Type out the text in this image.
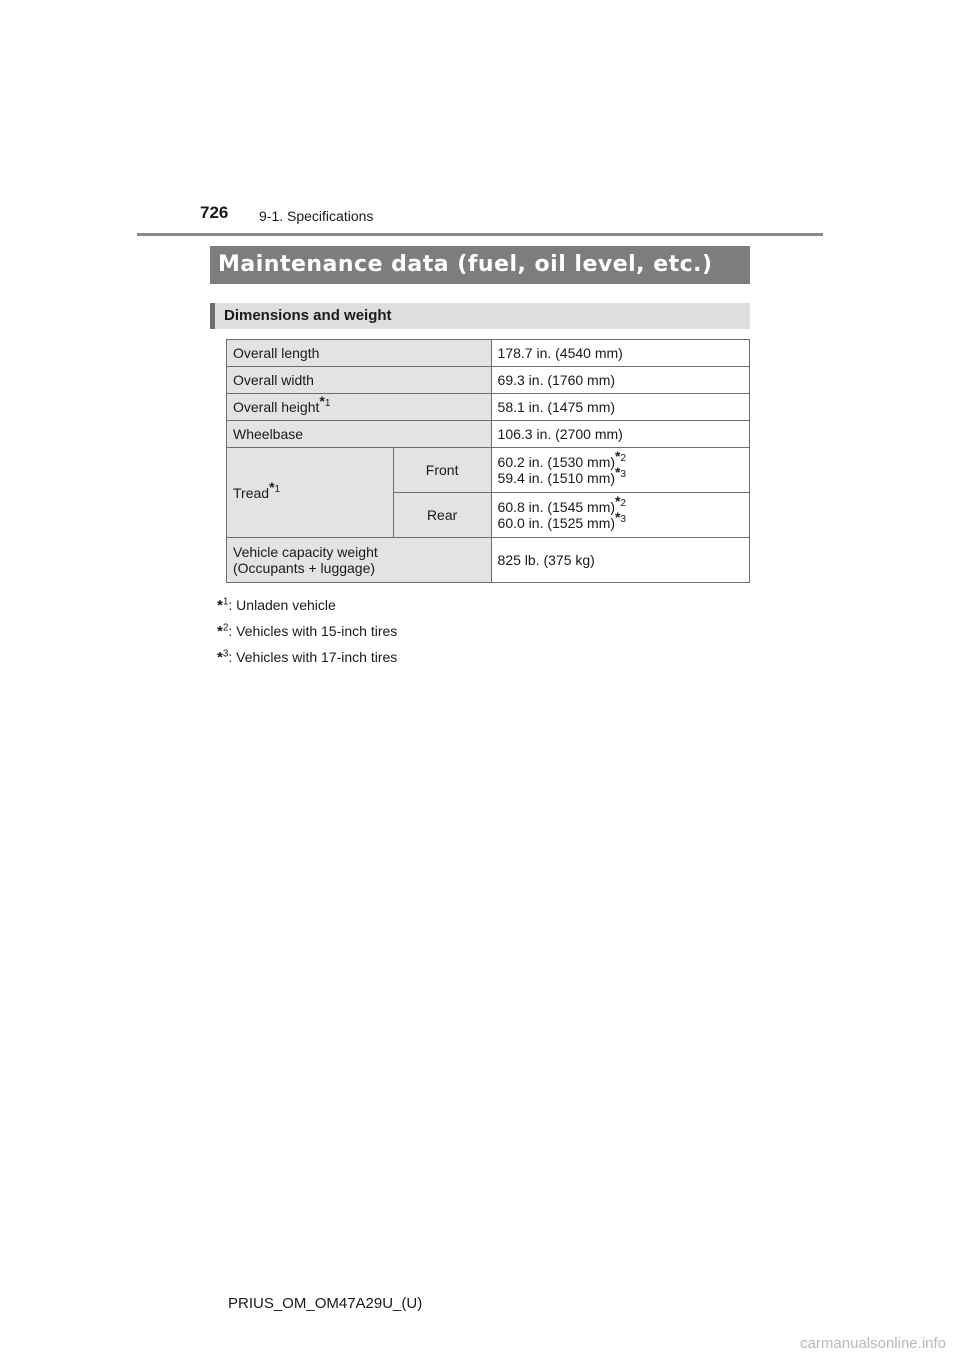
726 9-1. Specifications
Maintenance data (fuel, oil level, etc.)
Dimensions and weight
Overall length		178.7 in. (4540 mm)
Overall width		69.3 in. (1760 mm)
Overall height$^{*1}$		58.1 in. (1475 mm)
Wheelbase		106.3 in. (2700 mm)
Tread$^{*1}$	Front	60.2 in. (1530 mm)$^{*2}$
59.4 in. (1510 mm)$^{*3}$

	Rear	60.8 in. (1545 mm)$^{*2}$
60.0 in. (1525 mm)$^{*3}$

Vehicle capacity weight
(Occupants + luggage)		825 lb. (375 kg)
*$^1$: Unladen vehicle
*$^2$: Vehicles with 15-inch tires
*$^3$: Vehicles with 17-inch tires
PRIUS_OM_OM47A29U_(U)
carmanualsonline.info
